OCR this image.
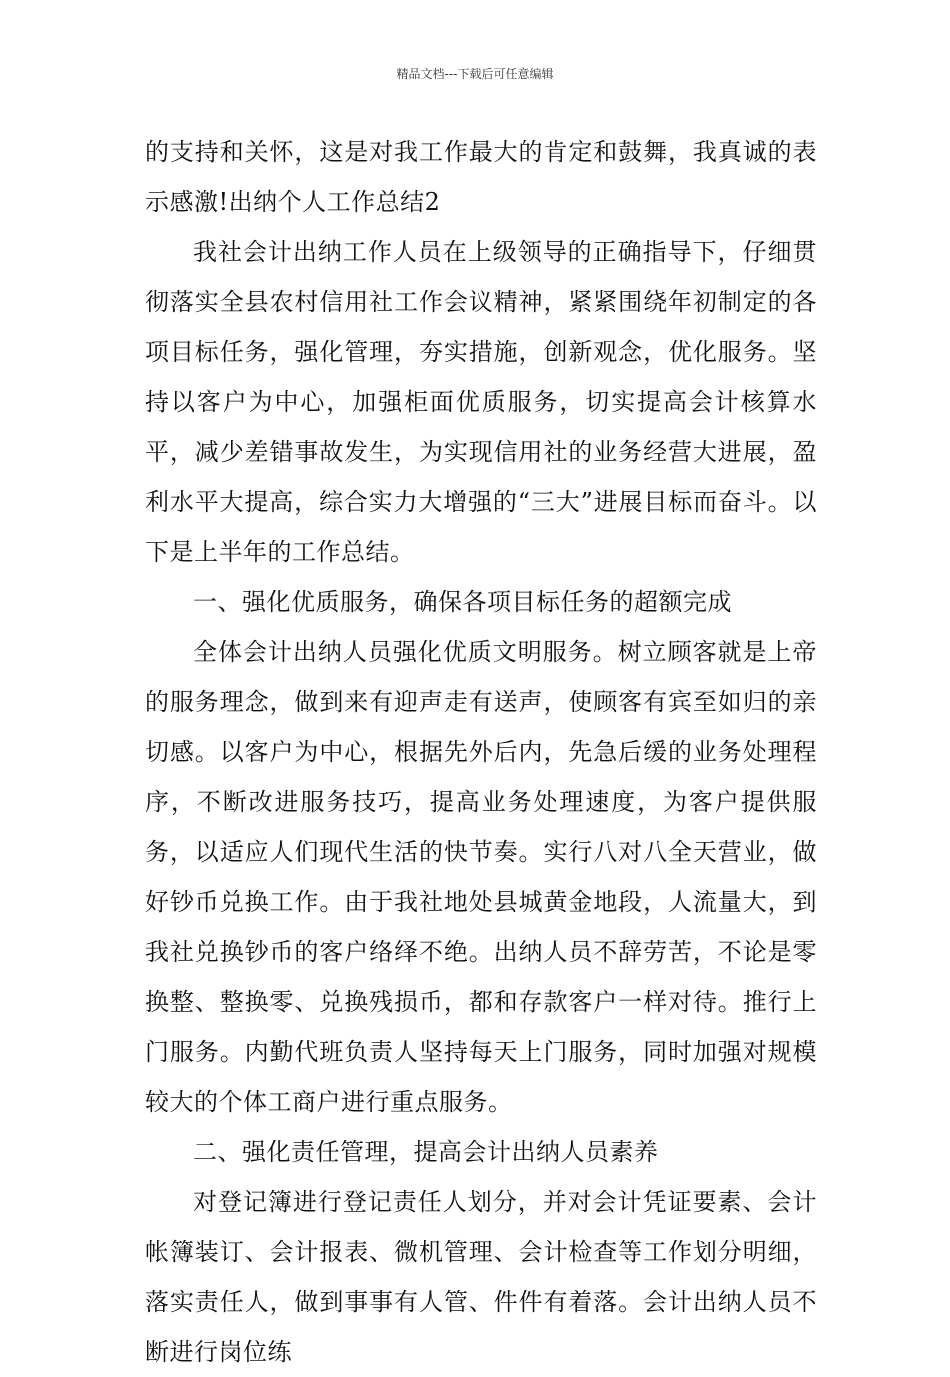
精品文档---下载后可任意编辑

的支持和关怀，这是对我工作最大的肯定和鼓舞，我真诚的表示感激!出纳个人工作总结2

我社会计出纳工作人员在上级领导的正确指导下，仔细贯彻落实全县农村信用社工作会议精神，紧紧围绕年初制定的各项目标任务，强化管理，夯实措施，创新观念，优化服务。坚持以客户为中心，加强柜面优质服务，切实提高会计核算水平，减少差错事故发生，为实现信用社的业务经营大进展，盈利水平大提高，综合实力大增强的“三大”进展目标而奋斗。以下是上半年的工作总结。

一、强化优质服务，确保各项目标任务的超额完成

全体会计出纳人员强化优质文明服务。树立顾客就是上帝的服务理念，做到来有迎声走有送声，使顾客有宾至如归的亲切感。以客户为中心，根据先外后内，先急后缓的业务处理程序，不断改进服务技巧，提高业务处理速度，为客户提供服务，以适应人们现代生活的快节奏。实行八对八全天营业，做好钞币兑换工作。由于我社地处县城黄金地段，人流量大，到我社兑换钞币的客户络绎不绝。出纳人员不辞劳苦，不论是零换整、整换零、兑换残损币，都和存款客户一样对待。推行上门服务。内勤代班负责人坚持每天上门服务，同时加强对规模较大的个体工商户进行重点服务。

二、强化责任管理，提高会计出纳人员素养

对登记簿进行登记责任人划分，并对会计凭证要素、会计帐簿装订、会计报表、微机管理、会计检查等工作划分明细，落实责任人，做到事事有人管、件件有着落。会计出纳人员不断进行岗位练
